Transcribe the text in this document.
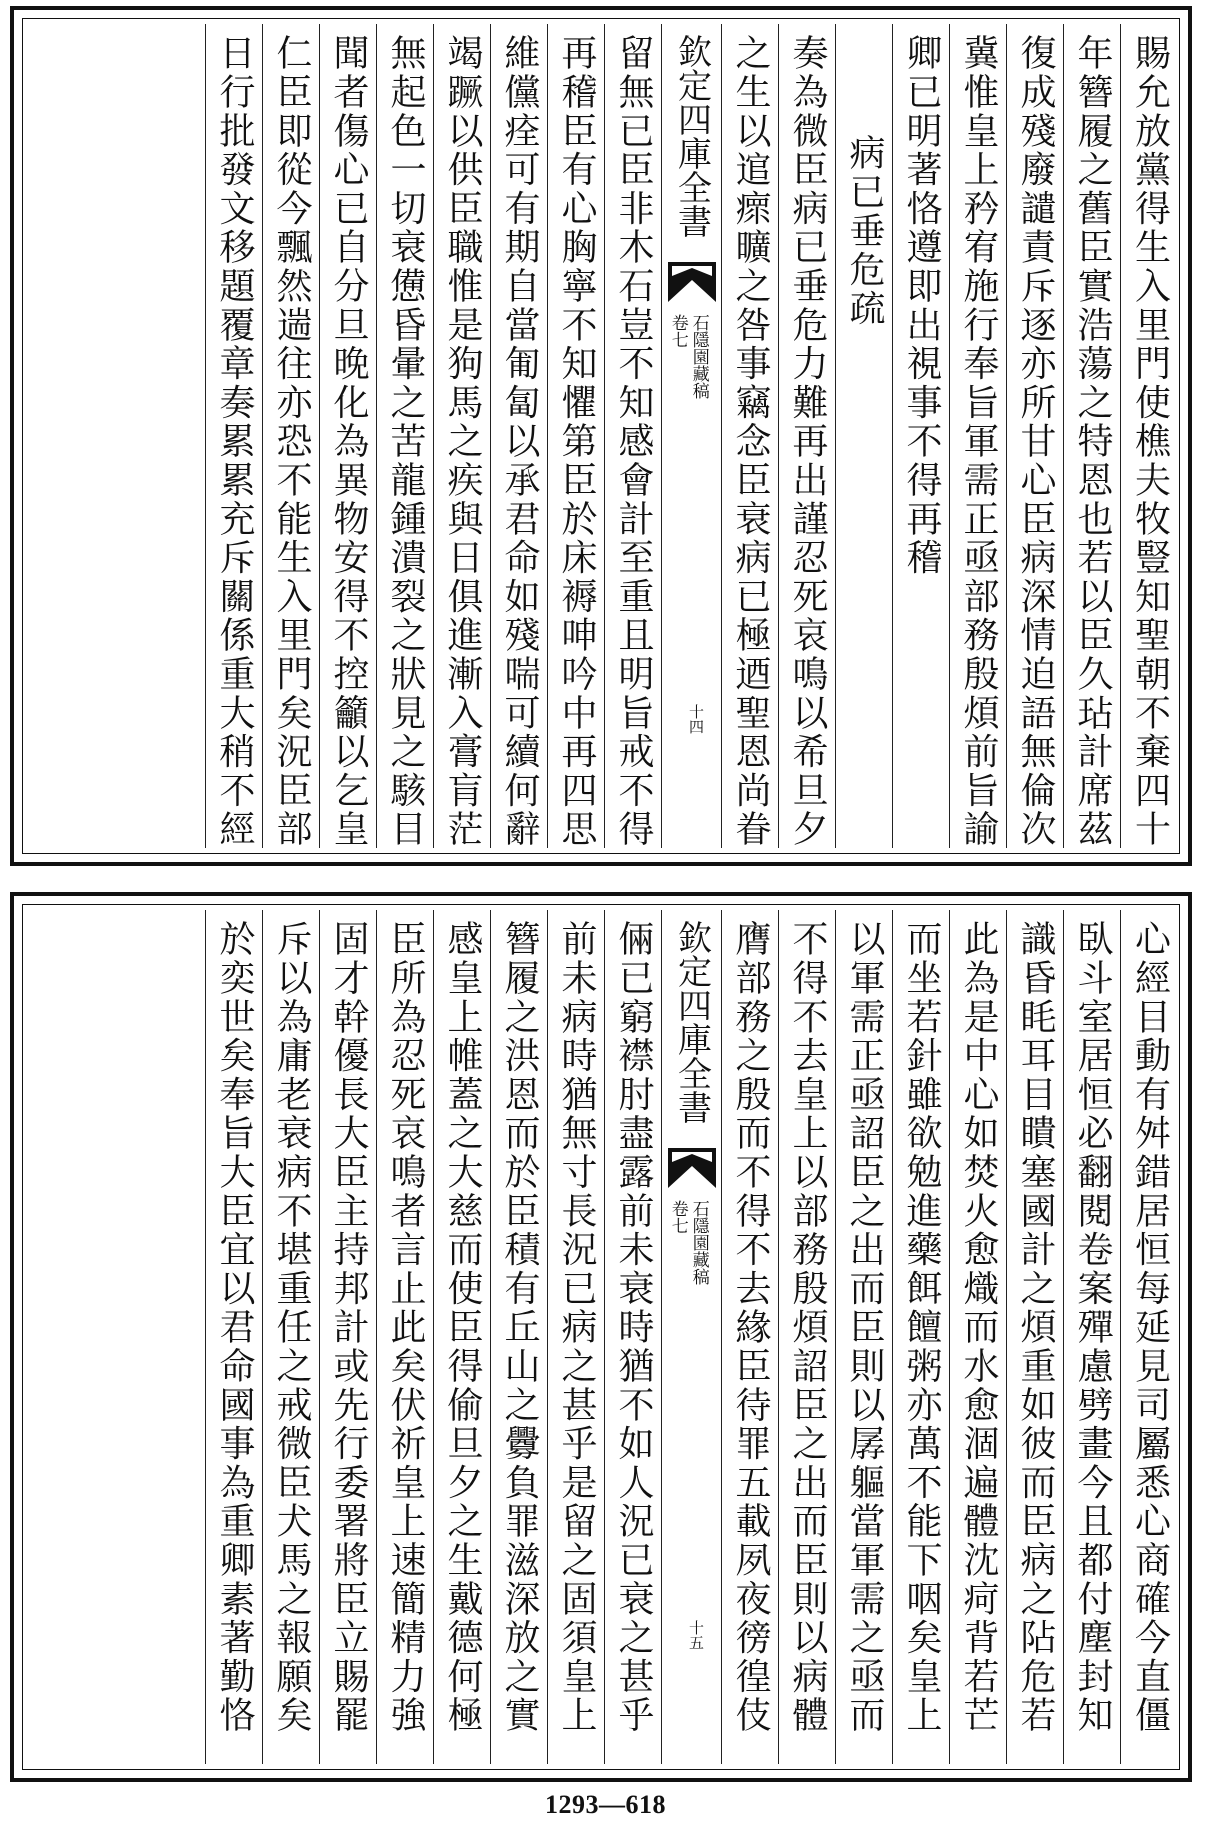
賜允放黨得生入里門使樵夫牧豎知聖朝不棄四十
年簪履之舊臣實浩蕩之特恩也若以臣久玷計席茲
復成殘廢譴責斥逐亦所甘心臣病深情迫語無倫次
冀惟皇上矜宥施行奉旨軍需正亟部務殷煩前旨諭
卿已明著恪遵即出視事不得再稽
病已垂危疏
奏為微臣病已垂危力難再出謹忍死哀鳴以希旦夕
之生以逭瘝曠之咎事竊念臣衰病已極迺聖恩尚眷
欽定四庫全書
石隱園藏稿
卷七
十四
留無已臣非木石豈不知感會計至重且明旨戒不得
再稽臣有心胸寧不知懼第臣於床褥呻吟中再四思
維儻痊可有期自當匍匐以承君命如殘喘可續何辭
竭蹶以供臣職惟是狗馬之疾與日俱進漸入膏肓茫
無起色一切衰憊昏暈之苦龍鍾潰裂之狀見之駭目
聞者傷心已自分旦晚化為異物安得不控籲以乞皇
仁臣即從今飄然遄往亦恐不能生入里門矣況臣部
日行批發文移題覆章奏累累充斥關係重大稍不經
心經目動有舛錯居恒每延見司屬悉心商確今直僵
臥斗室居恒必翻閱卷案殫慮劈畫今且都付塵封知
識昏眊耳目瞶塞國計之煩重如彼而臣病之阽危若
此為是中心如焚火愈熾而水愈涸遍體沈疴背若芒
而坐若針雖欲勉進藥餌饘粥亦萬不能下咽矣皇上
以軍需正亟詔臣之出而臣則以孱軀當軍需之亟而
不得不去皇上以部務殷煩詔臣之出而臣則以病體
膺部務之殷而不得不去緣臣待罪五載夙夜徬徨伎
欽定四庫全書
石隱園藏稿
卷七
十五
倆已窮襟肘盡露前未衰時猶不如人況已衰之甚乎
前未病時猶無寸長況已病之甚乎是留之固須皇上
簪履之洪恩而於臣積有丘山之釁負罪滋深放之實
感皇上帷蓋之大慈而使臣得偷旦夕之生戴德何極
臣所為忍死哀鳴者言止此矣伏祈皇上速簡精力強
固才幹優長大臣主持邦計或先行委署將臣立賜罷
斥以為庸老衰病不堪重任之戒微臣犬馬之報願矣
於奕世矣奉旨大臣宜以君命國事為重卿素著勤恪
1293—618
